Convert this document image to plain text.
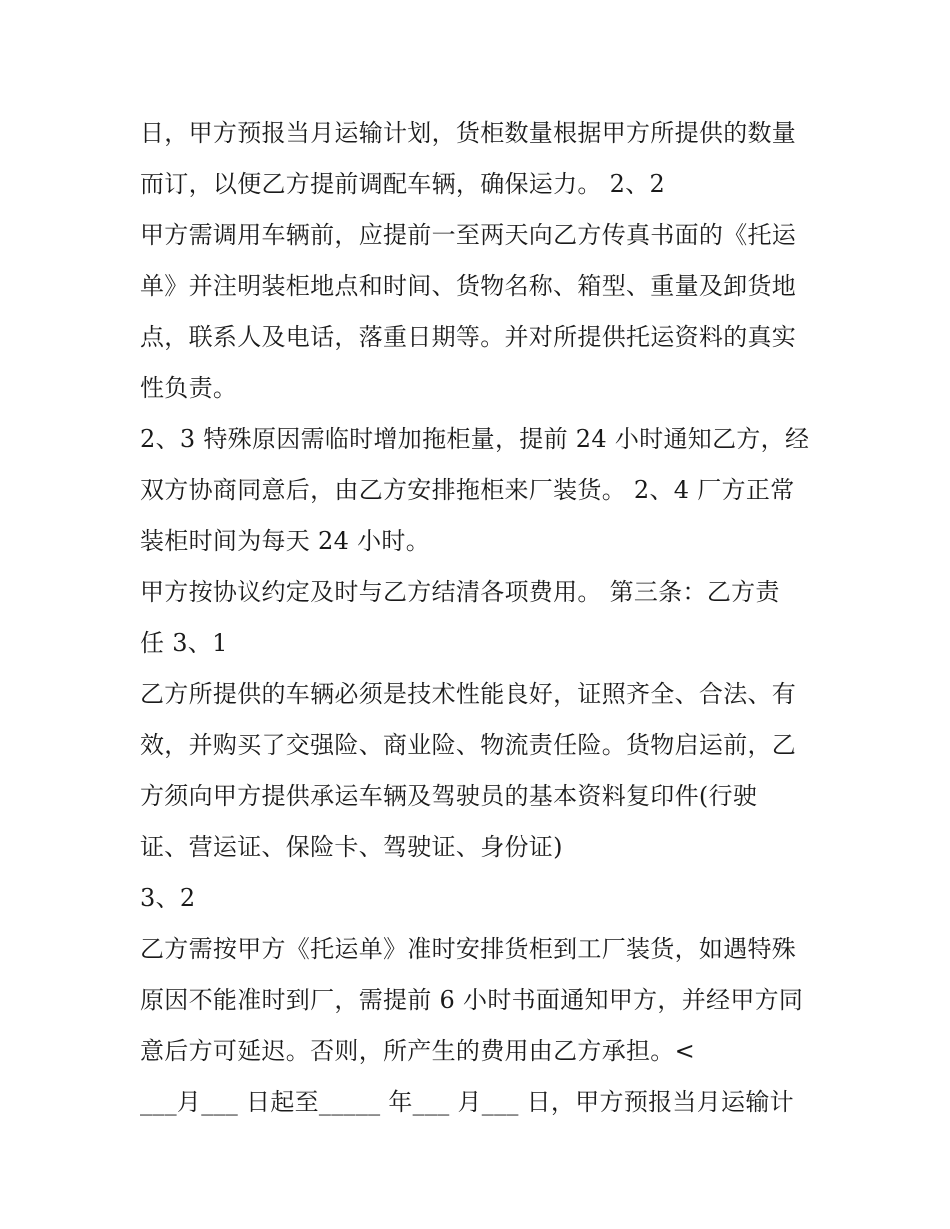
日，甲方预报当月运输计划，货柜数量根据甲方所提供的数量
而订，以便乙方提前调配车辆，确保运力。 2、2
甲方需调用车辆前，应提前一至两天向乙方传真书面的《托运
单》并注明装柜地点和时间、货物名称、箱型、重量及卸货地
点，联系人及电话，落重日期等。并对所提供托运资料的真实
性负责。
2、3 特殊原因需临时增加拖柜量，提前 24 小时通知乙方，经
双方协商同意后，由乙方安排拖柜来厂装货。 2、4 厂方正常
装柜时间为每天 24 小时。
甲方按协议约定及时与乙方结清各项费用。 第三条：乙方责
任 3、1
乙方所提供的车辆必须是技术性能良好，证照齐全、合法、有
效，并购买了交强险、商业险、物流责任险。货物启运前，乙
方须向甲方提供承运车辆及驾驶员的基本资料复印件(行驶
证、营运证、保险卡、驾驶证、身份证)
3、2
乙方需按甲方《托运单》准时安排货柜到工厂装货，如遇特殊
原因不能准时到厂，需提前 6 小时书面通知甲方，并经甲方同
意后方可延迟。否则，所产生的费用由乙方承担。<
___月___ 日起至_____ 年___ 月___ 日，甲方预报当月运输计
